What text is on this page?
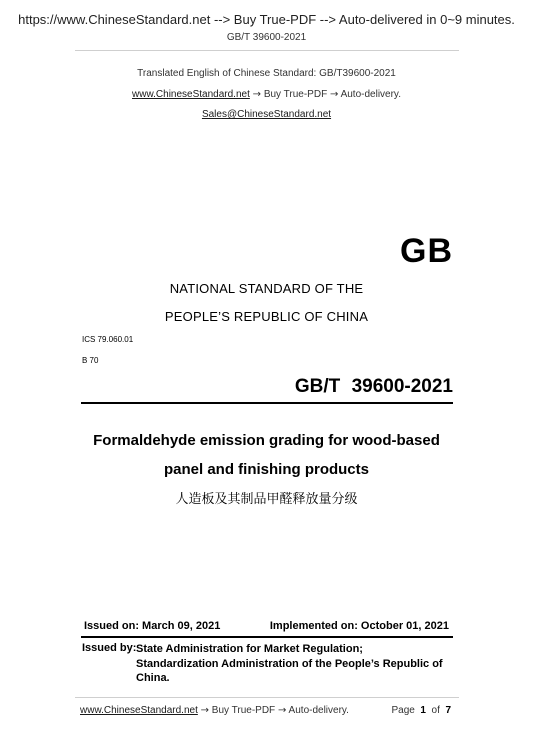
https://www.ChineseStandard.net --> Buy True-PDF --> Auto-delivered in 0~9 minutes.
GB/T 39600-2021
Translated English of Chinese Standard: GB/T39600-2021
www.ChineseStandard.net → Buy True-PDF → Auto-delivery.
Sales@ChineseStandard.net
GB
NATIONAL STANDARD OF THE
PEOPLE’S REPUBLIC OF CHINA
ICS 79.060.01
B 70
GB/T 39600-2021
Formaldehyde emission grading for wood-based
panel and finishing products
人造板及其制品甲醛释放量分级
Issued on: March 09, 2021	Implemented on: October 01, 2021
Issued by: State Administration for Market Regulation;
Standardization Administration of the People’s Republic of
China.
www.ChineseStandard.net → Buy True-PDF → Auto-delivery.	Page 1 of 7
